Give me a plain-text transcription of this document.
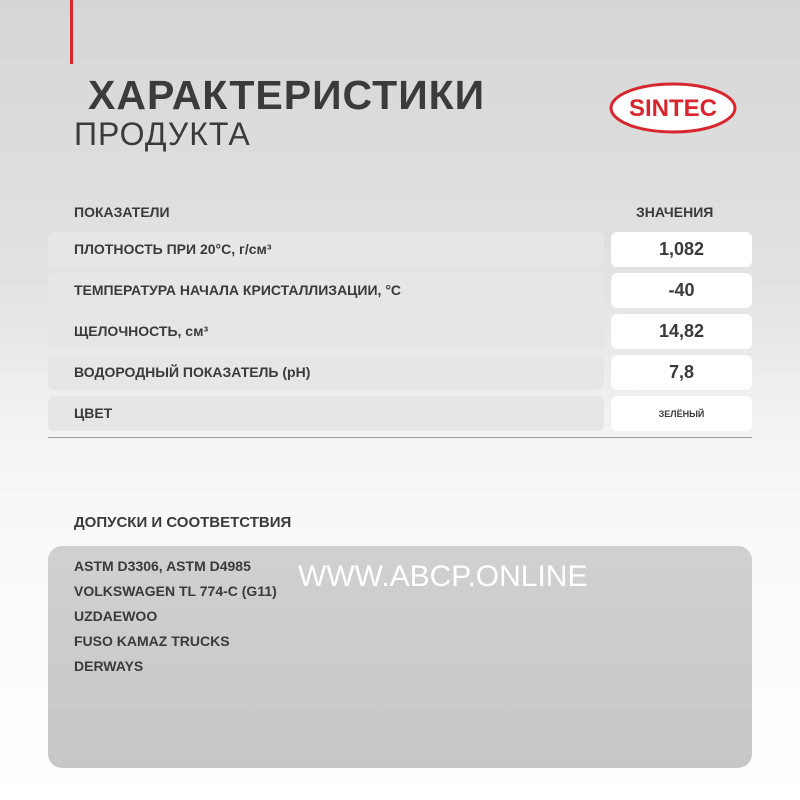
ХАРАКТЕРИСТИКИ
ПРОДУКТА
SINTEC
ПОКАЗАТЕЛИ	ЗНАЧЕНИЯ
ПЛОТНОСТЬ ПРИ 20°C, г/см³	1,082
ТЕМПЕРАТУРА НАЧАЛА КРИСТАЛЛИЗАЦИИ, °C	-40
ЩЕЛОЧНОСТЬ, см³	14,82
ВОДОРОДНЫЙ ПОКАЗАТЕЛЬ (pH)	7,8
ЦВЕТ	ЗЕЛЁНЫЙ
ДОПУСКИ И СООТВЕТСТВИЯ
ASTM D3306, ASTM D4985
VOLKSWAGEN TL 774-C (G11)
UZDAEWOO
FUSO KAMAZ TRUCKS
DERWAYS
WWW.ABCP.ONLINE
